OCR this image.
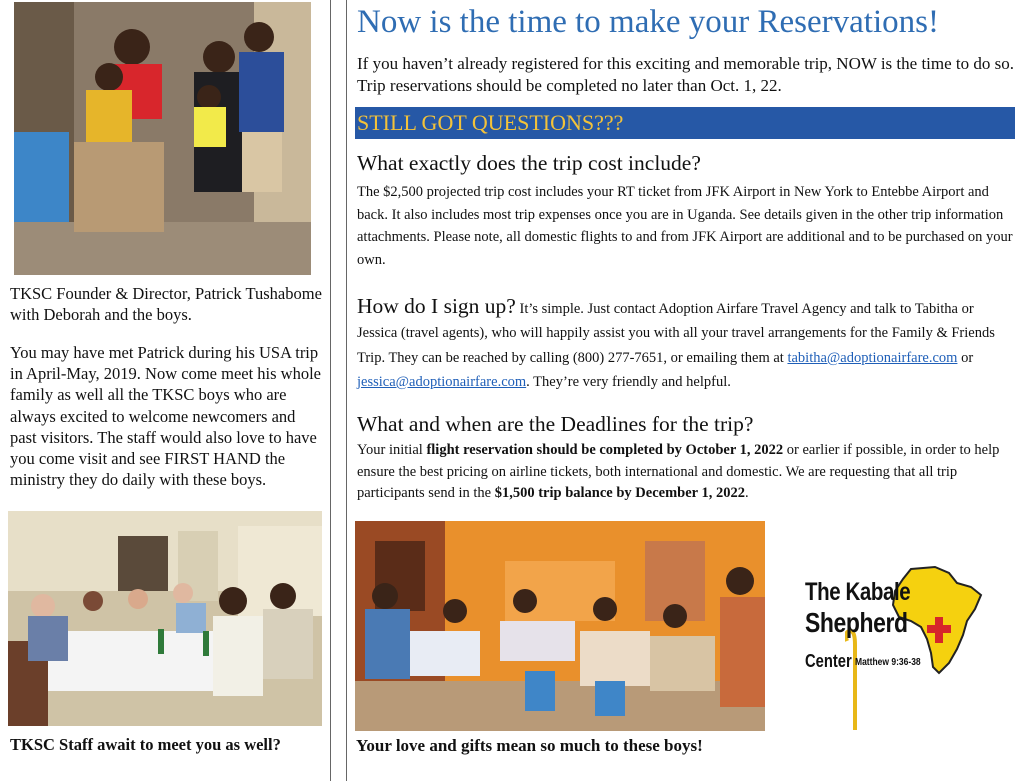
TKSC Founder & Director, Patrick Tushabome with Deborah and the boys.
You may have met Patrick during his USA trip in April-May, 2019. Now come meet his whole family as well all the TKSC boys who are always excited to welcome newcomers and past visitors. The staff would also love to have you come visit and see FIRST HAND the ministry they do daily with these boys.
TKSC Staff await to meet you as well?
Now is the time to make your Reservations!
If you haven’t already registered for this exciting and memorable trip, NOW is the time to do so. Trip reservations should be completed no later than Oct. 1, 22.
STILL GOT QUESTIONS???
What exactly does the trip cost include?
The $2,500 projected trip cost includes your RT ticket from JFK Airport in New York to Entebbe Airport and back. It also includes most trip expenses once you are in Uganda. See details given in the other trip information attachments. Please note, all domestic flights to and from JFK Airport are additional and to be purchased on your own.
How do I sign up? It’s simple. Just contact Adoption Airfare Travel Agency and talk to Tabitha or Jessica (travel agents), who will happily assist you with all your travel arrangements for the Family & Friends Trip. They can be reached by calling (800) 277-7651, or emailing them at tabitha@adoptionairfare.com or jessica@adoptionairfare.com. They’re very friendly and helpful.
What and when are the Deadlines for the trip?
Your initial flight reservation should be completed by October 1, 2022 or earlier if possible, in order to help ensure the best pricing on airline tickets, both international and domestic. We are requesting that all trip participants send in the $1,500 trip balance by December 1, 2022.
Your love and gifts mean so much to these boys!
The Kabale
Shepherd
Center Matthew 9:36-38
